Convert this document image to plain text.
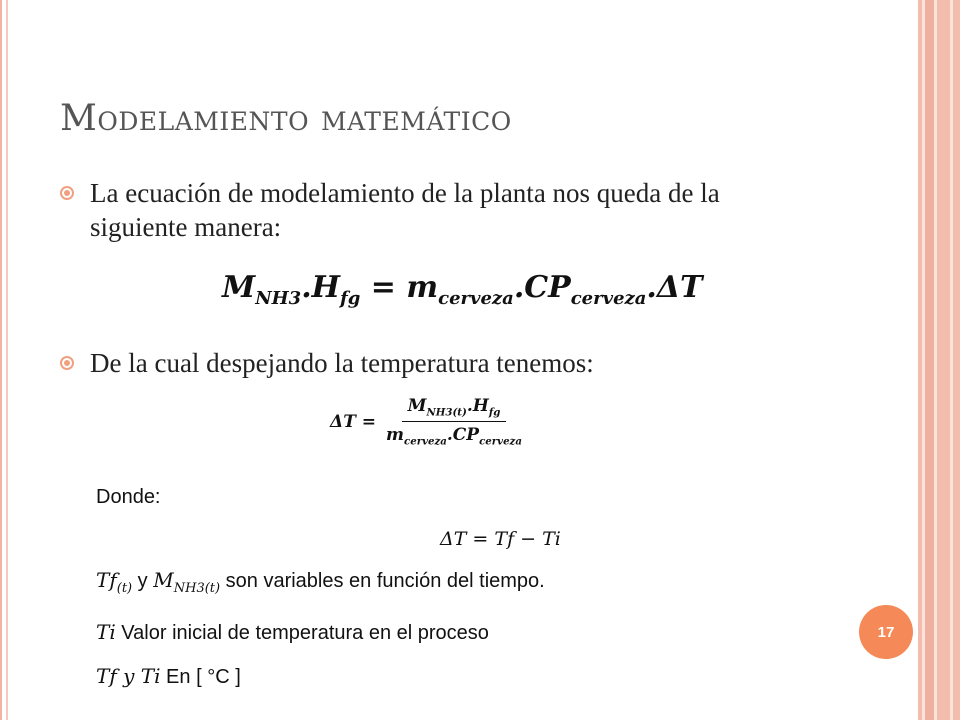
Modelamiento matemático
La ecuación de modelamiento de la planta nos queda de la siguiente manera:
$M_{NH3}.H_{fg} = m_{cerveza}.CP_{cerveza}.\Delta T$
De la cual despejando la temperatura tenemos:
$\Delta T = \frac{M_{NH3(t)}.H_{fg}}{m_{cerveza}.CP_{cerveza}}$
Donde:
ΔT = Tf − Ti
$Tf_{(t)}$ y $M_{NH3(t)}$ son variables en función del tiempo.
Ti Valor inicial de temperatura en el proceso
Tf y Ti En [ °C ]
17
